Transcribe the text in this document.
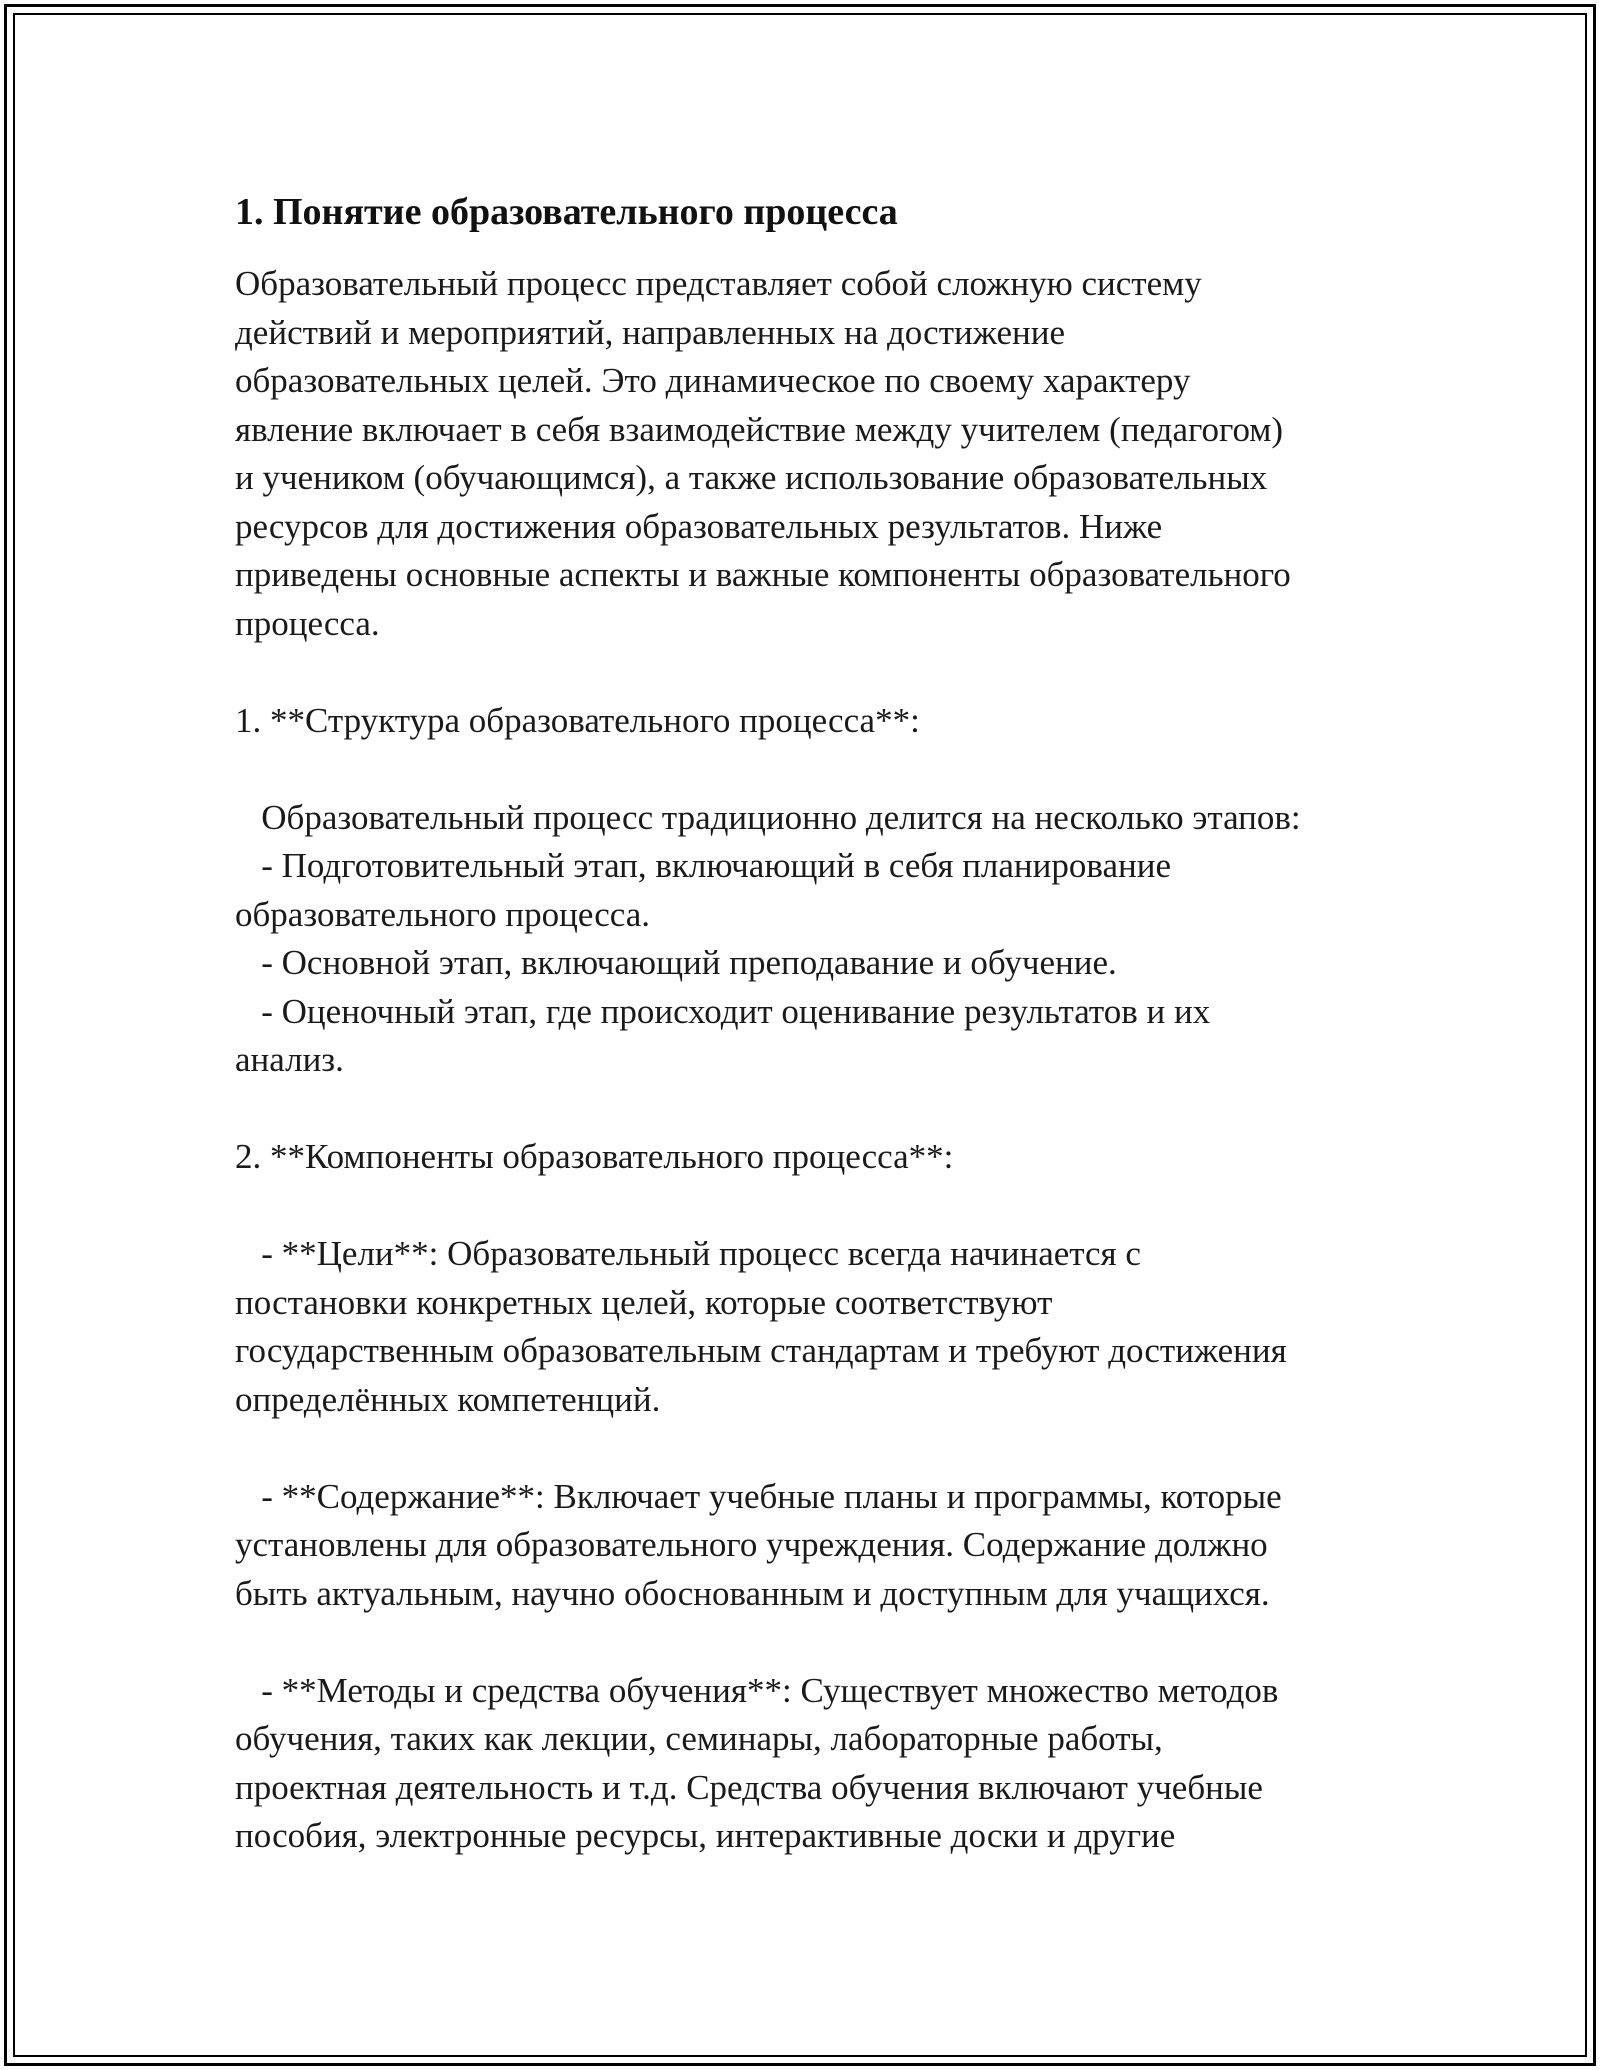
1. Понятие образовательного процесса

Образовательный процесс представляет собой сложную систему
действий и мероприятий, направленных на достижение
образовательных целей. Это динамическое по своему характеру
явление включает в себя взаимодействие между учителем (педагогом)
и учеником (обучающимся), а также использование образовательных
ресурсов для достижения образовательных результатов. Ниже
приведены основные аспекты и важные компоненты образовательного
процесса.

1. **Структура образовательного процесса**:

Образовательный процесс традиционно делится на несколько этапов:
- Подготовительный этап, включающий в себя планирование
образовательного процесса.
- Основной этап, включающий преподавание и обучение.
- Оценочный этап, где происходит оценивание результатов и их
анализ.

2. **Компоненты образовательного процесса**:

- **Цели**: Образовательный процесс всегда начинается с
постановки конкретных целей, которые соответствуют
государственным образовательным стандартам и требуют достижения
определённых компетенций.

- **Содержание**: Включает учебные планы и программы, которые
установлены для образовательного учреждения. Содержание должно
быть актуальным, научно обоснованным и доступным для учащихся.

- **Методы и средства обучения**: Существует множество методов
обучения, таких как лекции, семинары, лабораторные работы,
проектная деятельность и т.д. Средства обучения включают учебные
пособия, электронные ресурсы, интерактивные доски и другие
